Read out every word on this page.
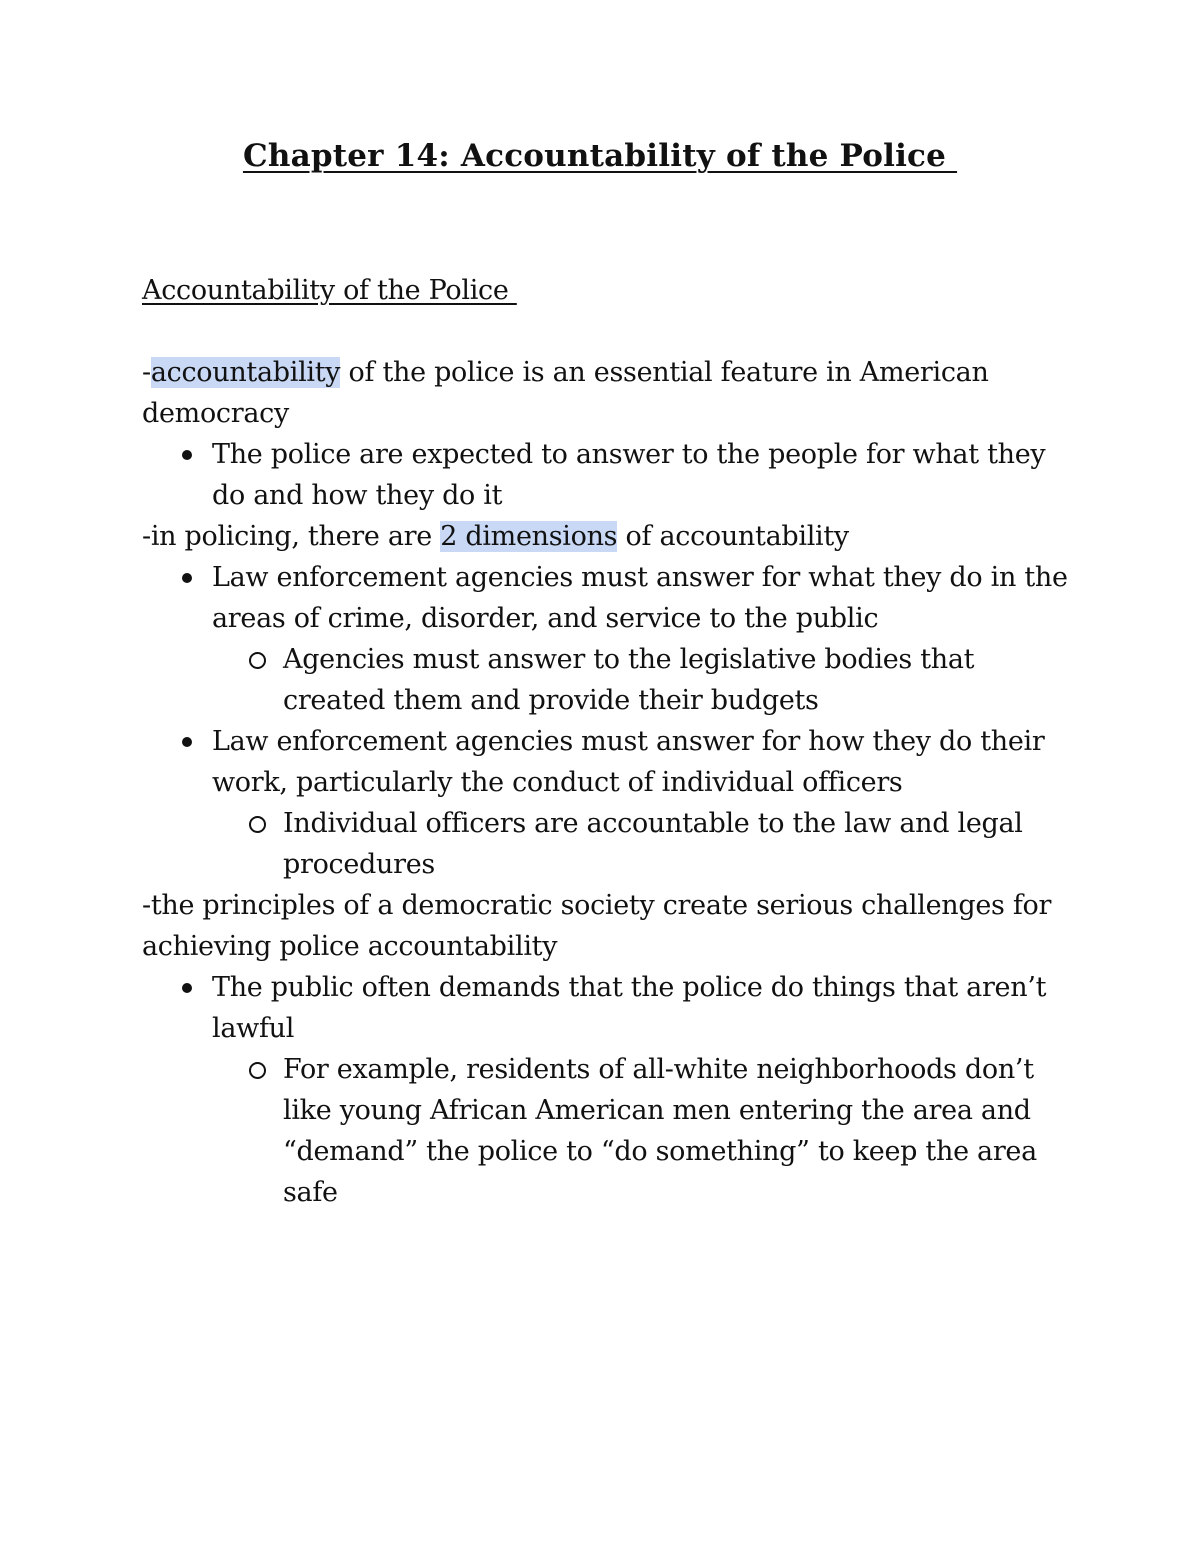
Chapter 14: Accountability of the Police

Accountability of the Police

-accountability of the police is an essential feature in American democracy

The police are expected to answer to the people for what they do and how they do it

-in policing, there are 2 dimensions of accountability

Law enforcement agencies must answer for what they do in the areas of crime, disorder, and service to the public
Agencies must answer to the legislative bodies that created them and provide their budgets
Law enforcement agencies must answer for how they do their work, particularly the conduct of individual officers
Individual officers are accountable to the law and legal procedures

-the principles of a democratic society create serious challenges for achieving police accountability

The public often demands that the police do things that aren’t lawful
For example, residents of all-white neighborhoods don’t like young African American men entering the area and “demand” the police to “do something” to keep the area safe
